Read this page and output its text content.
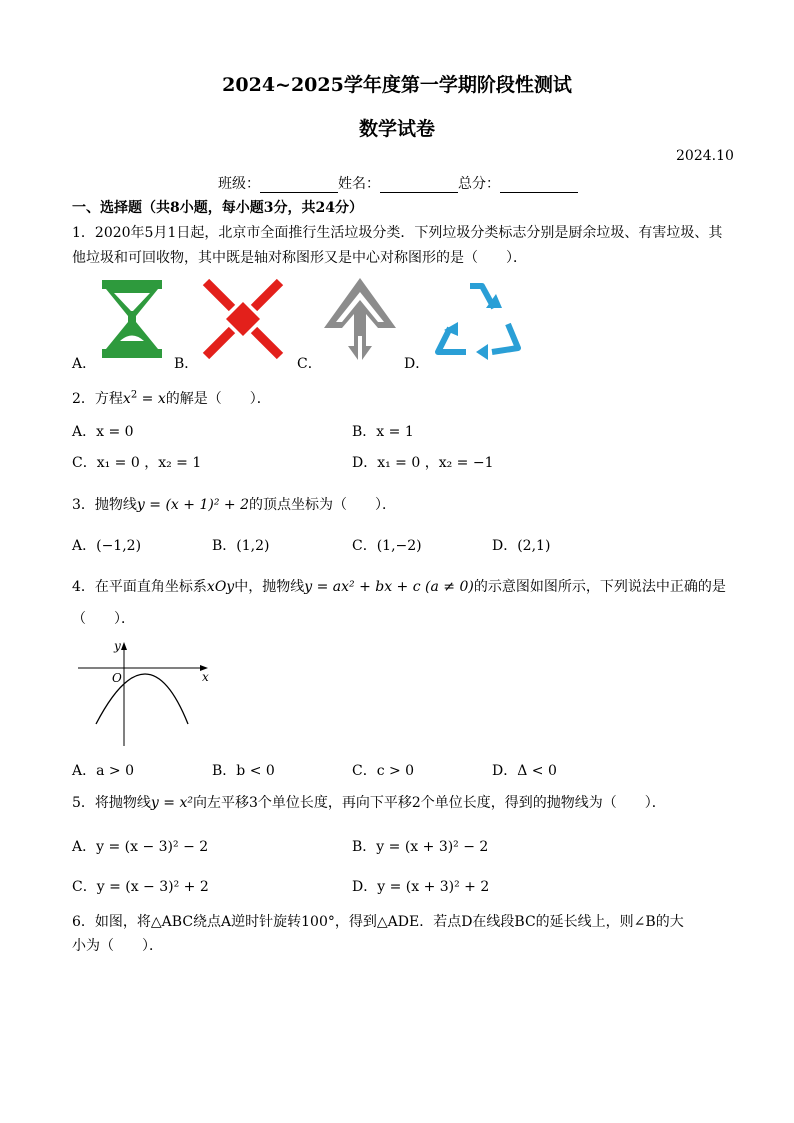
2024~2025学年度第一学期阶段性测试
数学试卷
2024.10
班级：	姓名：	总分：
一、选择题（共8小题，每小题3分，共24分）
1．2020年5月1日起，北京市全面推行生活垃圾分类．下列垃圾分类标志分别是厨余垃圾、有害垃圾、其
他垃圾和可回收物，其中既是轴对称图形又是中心对称图形的是（　　）．
A．	B．	C．	D．
2．方程$x^2 = x$的解是（　　）．
A．x = 0	B．x = 1
C．x₁ = 0 ，x₂ = 1	D．x₁ = 0 ，x₂ = −1
3．抛物线y = (x + 1)² + 2的顶点坐标为（　　）．
A．(−1,2)	B．(1,2)	C．(1,−2)	D．(2,1)
4．在平面直角坐标系xOy中，抛物线y = ax² + bx + c (a ≠ 0)的示意图如图所示，下列说法中正确的是
（　　）．
x
y
O
A．a > 0	B．b < 0	C．c > 0	D．Δ < 0
5．将抛物线y = x²向左平移3个单位长度，再向下平移2个单位长度，得到的抛物线为（　　）．
A．y = (x − 3)² − 2	B．y = (x + 3)² − 2
C．y = (x − 3)² + 2	D．y = (x + 3)² + 2
6．如图，将△ABC绕点A逆时针旋转100°，得到△ADE．若点D在线段BC的延长线上，则∠B的大
小为（　　）．
